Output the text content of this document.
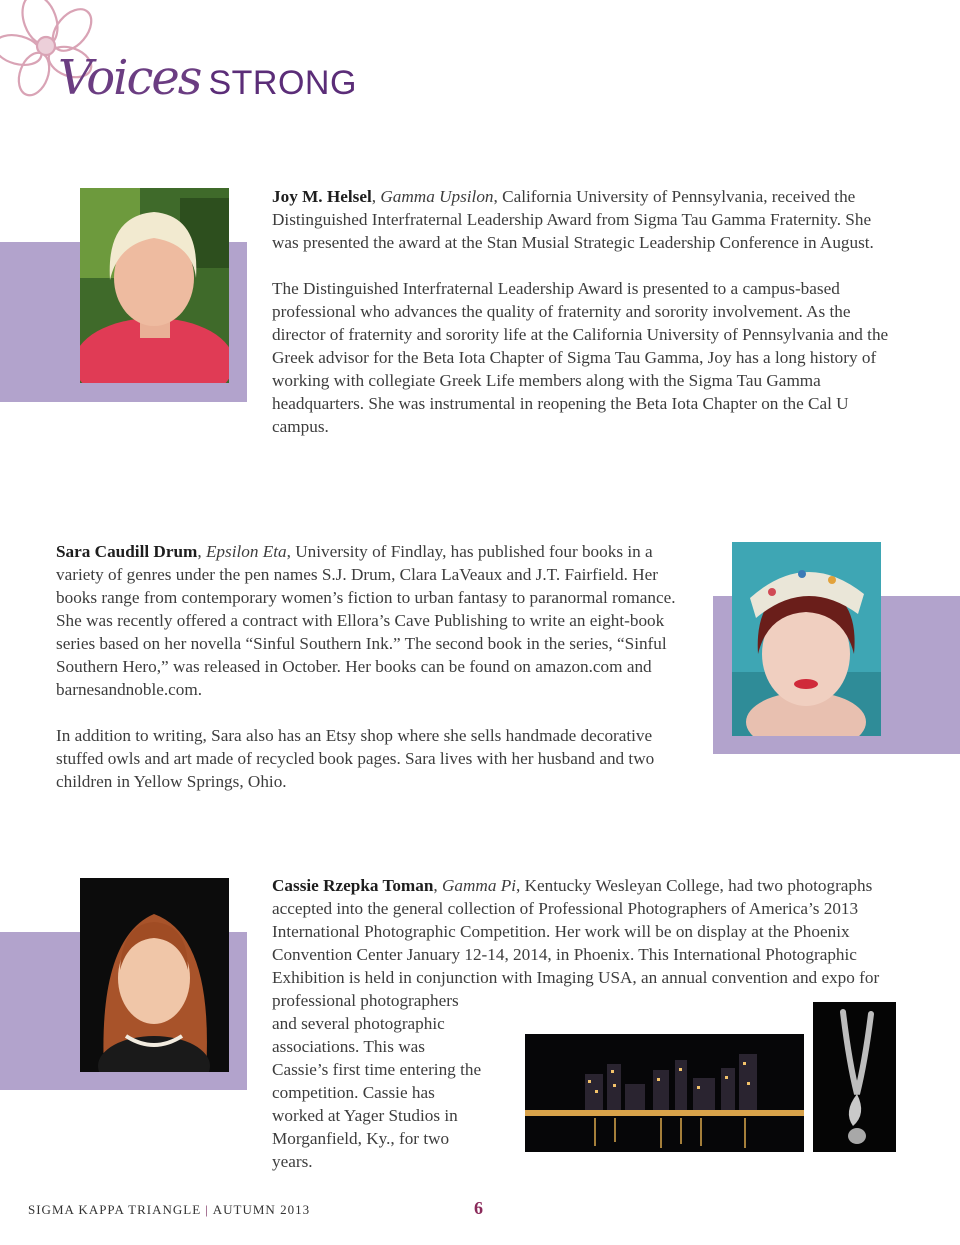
Voices STRONG

Joy M. Helsel, Gamma Upsilon, California University of Pennsylvania, received the Distinguished Interfraternal Leadership Award from Sigma Tau Gamma Fraternity. She was presented the award at the Stan Musial Strategic Leadership Conference in August.

The Distinguished Interfraternal Leadership Award is presented to a campus-based professional who advances the quality of fraternity and sorority involvement. As the director of fraternity and sorority life at the California University of Pennsylvania and the Greek advisor for the Beta Iota Chapter of Sigma Tau Gamma, Joy has a long history of working with collegiate Greek Life members along with the Sigma Tau Gamma headquarters. She was instrumental in reopening the Beta Iota Chapter on the Cal U campus.

Sara Caudill Drum, Epsilon Eta, University of Findlay, has published four books in a variety of genres under the pen names S.J. Drum, Clara LaVeaux and J.T. Fairfield. Her books range from contemporary women’s fiction to urban fantasy to paranormal romance. She was recently offered a contract with Ellora’s Cave Publishing to write an eight-book series based on her novella “Sinful Southern Ink.” The second book in the series, “Sinful Southern Hero,” was released in October. Her books can be found on amazon.com and barnesandnoble.com.

In addition to writing, Sara also has an Etsy shop where she sells handmade decorative stuffed owls and art made of recycled book pages. Sara lives with her husband and two children in Yellow Springs, Ohio.

Cassie Rzepka Toman, Gamma Pi, Kentucky Wesleyan College, had two photographs accepted into the general collection of Professional Photographers of America’s 2013 International Photographic Competition. Her work will be on display at the Phoenix Convention Center January 12-14, 2014, in Phoenix. This International Photographic Exhibition is held in conjunction with Imaging USA, an annual convention and expo for professional photographers

and several photographic associations. This was Cassie’s first time entering the competition. Cassie has worked at Yager Studios in Morganfield, Ky., for two years.
SIGMA KAPPA TRIANGLE | AUTUMN 2013	6
